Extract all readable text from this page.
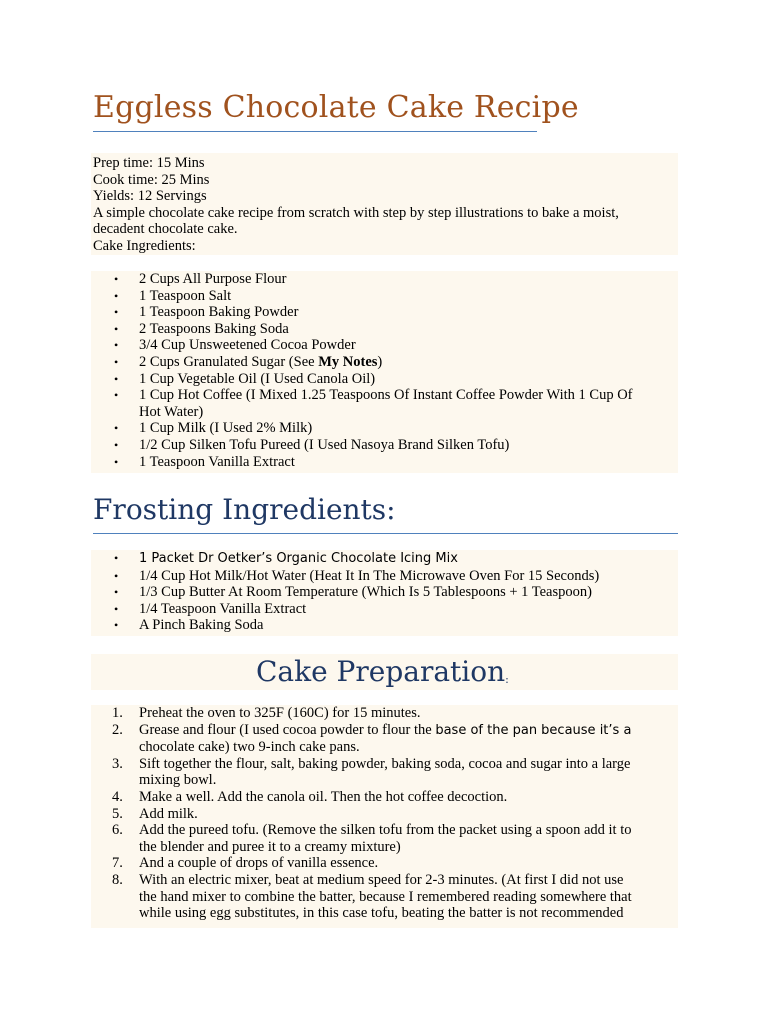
Eggless Chocolate Cake Recipe
Prep time: 15 Mins
Cook time: 25 Mins
Yields: 12 Servings
A simple chocolate cake recipe from scratch with step by step illustrations to bake a moist,
decadent chocolate cake.
Cake Ingredients:
• 2 Cups All Purpose Flour
• 1 Teaspoon Salt
• 1 Teaspoon Baking Powder
• 2 Teaspoons Baking Soda
• 3/4 Cup Unsweetened Cocoa Powder
• 2 Cups Granulated Sugar (See My Notes)
• 1 Cup Vegetable Oil (I Used Canola Oil)
• 1 Cup Hot Coffee (I Mixed 1.25 Teaspoons Of Instant Coffee Powder With 1 Cup Of
Hot Water)
• 1 Cup Milk (I Used 2% Milk)
• 1/2 Cup Silken Tofu Pureed (I Used Nasoya Brand Silken Tofu)
• 1 Teaspoon Vanilla Extract
Frosting Ingredients:
• 1 Packet Dr Oetker’s Organic Chocolate Icing Mix
• 1/4 Cup Hot Milk/Hot Water (Heat It In The Microwave Oven For 15 Seconds)
• 1/3 Cup Butter At Room Temperature (Which Is 5 Tablespoons + 1 Teaspoon)
• 1/4 Teaspoon Vanilla Extract
• A Pinch Baking Soda
Cake Preparation:
1.	Preheat the oven to 325F (160C) for 15 minutes.
2.	Grease and flour (I used cocoa powder to flour the base of the pan because it’s a
chocolate cake) two 9-inch cake pans.
3.	Sift together the flour, salt, baking powder, baking soda, cocoa and sugar into a large
mixing bowl.
4.	Make a well. Add the canola oil. Then the hot coffee decoction.
5.	Add milk.
6.	Add the pureed tofu. (Remove the silken tofu from the packet using a spoon add it to
the blender and puree it to a creamy mixture)
7.	And a couple of drops of vanilla essence.
8.	With an electric mixer, beat at medium speed for 2-3 minutes. (At first I did not use
the hand mixer to combine the batter, because I remembered reading somewhere that
while using egg substitutes, in this case tofu, beating the batter is not recommended
